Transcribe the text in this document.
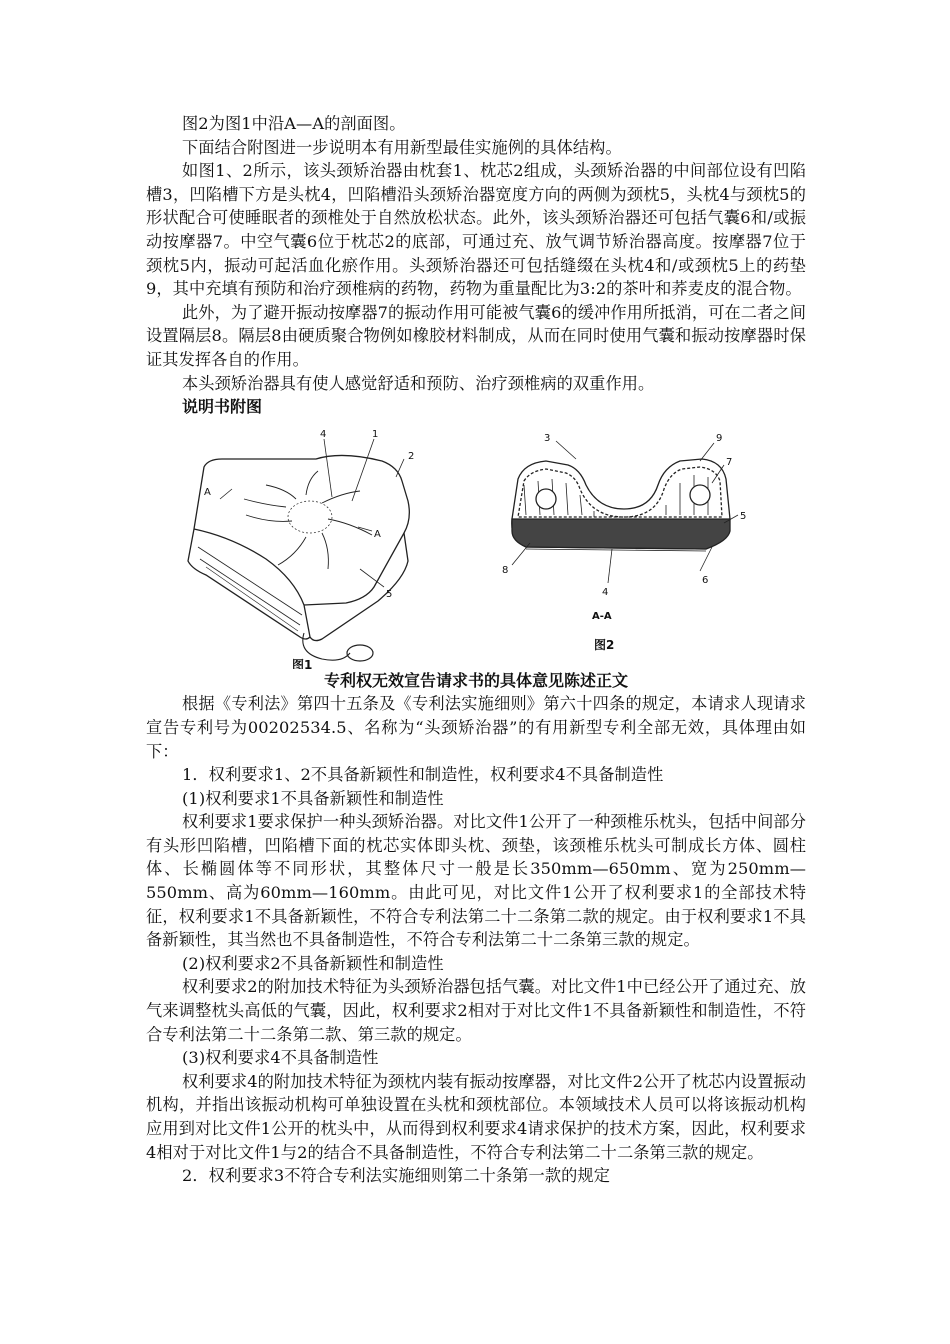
图2为图1中沿A—A的剖面图。

下面结合附图进一步说明本有用新型最佳实施例的具体结构。

如图1、2所示，该头颈矫治器由枕套1、枕芯2组成，头颈矫治器的中间部位设有凹陷槽3，凹陷槽下方是头枕4，凹陷槽沿头颈矫治器宽度方向的两侧为颈枕5，头枕4与颈枕5的形状配合可使睡眠者的颈椎处于自然放松状态。此外，该头颈矫治器还可包括气囊6和/或振动按摩器7。中空气囊6位于枕芯2的底部，可通过充、放气调节矫治器高度。按摩器7位于颈枕5内，振动可起活血化瘀作用。头颈矫治器还可包括缝缀在头枕4和/或颈枕5上的药垫9，其中充填有预防和治疗颈椎病的药物，药物为重量配比为3:2的茶叶和荞麦皮的混合物。

此外，为了避开振动按摩器7的振动作用可能被气囊6的缓冲作用所抵消，可在二者之间设置隔层8。隔层8由硬质聚合物例如橡胶材料制成，从而在同时使用气囊和振动按摩器时保证其发挥各自的作用。

本头颈矫治器具有使人感觉舒适和预防、治疗颈椎病的双重作用。

说明书附图
4	1
2
5
A
A
图1
3	9
7
5
8
4
6
A-A
图2
专利权无效宣告请求书的具体意见陈述正文

根据《专利法》第四十五条及《专利法实施细则》第六十四条的规定，本请求人现请求宣告专利号为00202534.5、名称为“头颈矫治器”的有用新型专利全部无效，具体理由如下：

1．权利要求1、2不具备新颖性和制造性，权利要求4不具备制造性

(1)权利要求1不具备新颖性和制造性

权利要求1要求保护一种头颈矫治器。对比文件1公开了一种颈椎乐枕头，包括中间部分有头形凹陷槽，凹陷槽下面的枕芯实体即头枕、颈垫，该颈椎乐枕头可制成长方体、圆柱体、长椭圆体等不同形状，其整体尺寸一般是长350mm—650mm、宽为250mm—550mm、高为60mm—160mm。由此可见，对比文件1公开了权利要求1的全部技术特征，权利要求1不具备新颖性，不符合专利法第二十二条第二款的规定。由于权利要求1不具备新颖性，其当然也不具备制造性，不符合专利法第二十二条第三款的规定。

(2)权利要求2不具备新颖性和制造性

权利要求2的附加技术特征为头颈矫治器包括气囊。对比文件1中已经公开了通过充、放气来调整枕头高低的气囊，因此，权利要求2相对于对比文件1不具备新颖性和制造性，不符合专利法第二十二条第二款、第三款的规定。

(3)权利要求4不具备制造性

权利要求4的附加技术特征为颈枕内装有振动按摩器，对比文件2公开了枕芯内设置振动机构，并指出该振动机构可单独设置在头枕和颈枕部位。本领域技术人员可以将该振动机构应用到对比文件1公开的枕头中，从而得到权利要求4请求保护的技术方案，因此，权利要求4相对于对比文件1与2的结合不具备制造性，不符合专利法第二十二条第三款的规定。

2．权利要求3不符合专利法实施细则第二十条第一款的规定
